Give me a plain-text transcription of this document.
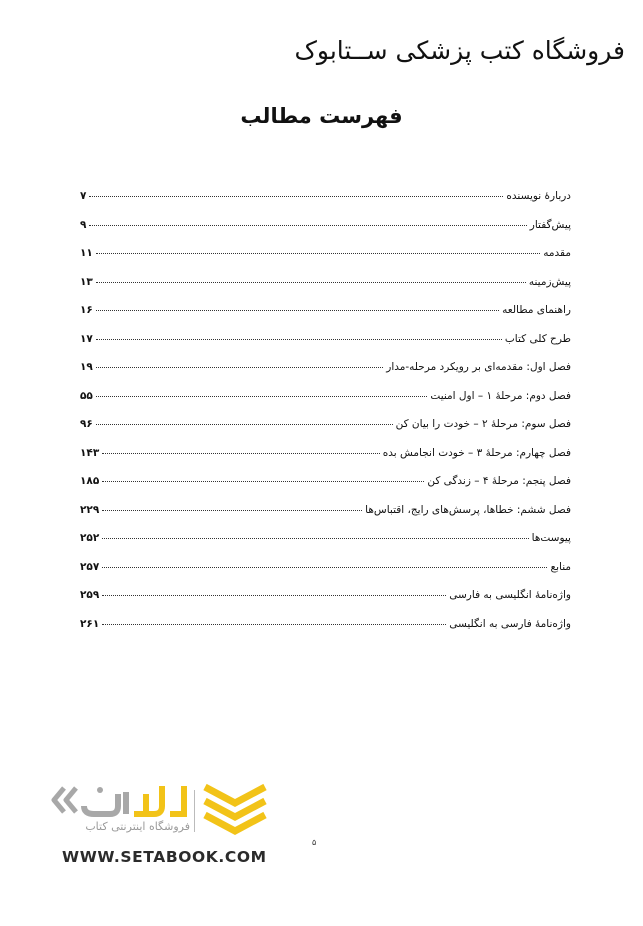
فروشگاه کتب پزشکی ســتابوک
فهرست مطالب
دربارۀ نویسنده
۷
پیش‌گفتار
۹
مقدمه
۱۱
پیش‌زمینه
۱۳
راهنمای مطالعه
۱۶
طرح کلی کتاب
۱۷
فصل اول: مقدمه‌ای بر رویکرد مرحله-مدار
۱۹
فصل دوم: مرحلۀ ۱ – اول امنیت
۵۵
فصل سوم: مرحلۀ ۲ – خودت را بیان کن
۹۶
فصل چهارم: مرحلۀ ۳ – خودت انجامش بده
۱۴۳
فصل پنجم: مرحلۀ ۴ – زندگی کن
۱۸۵
فصل ششم: خطاها، پرسش‌های رایج، اقتباس‌ها
۲۲۹
پیوست‌ها
۲۵۲
منابع
۲۵۷
واژه‌نامۀ انگلیسی به فارسی
۲۵۹
واژه‌نامۀ فارسی به انگلیسی
۲۶۱
۵
فروشگاه اینترنتی کتاب
WWW.SETABOOK.COM
